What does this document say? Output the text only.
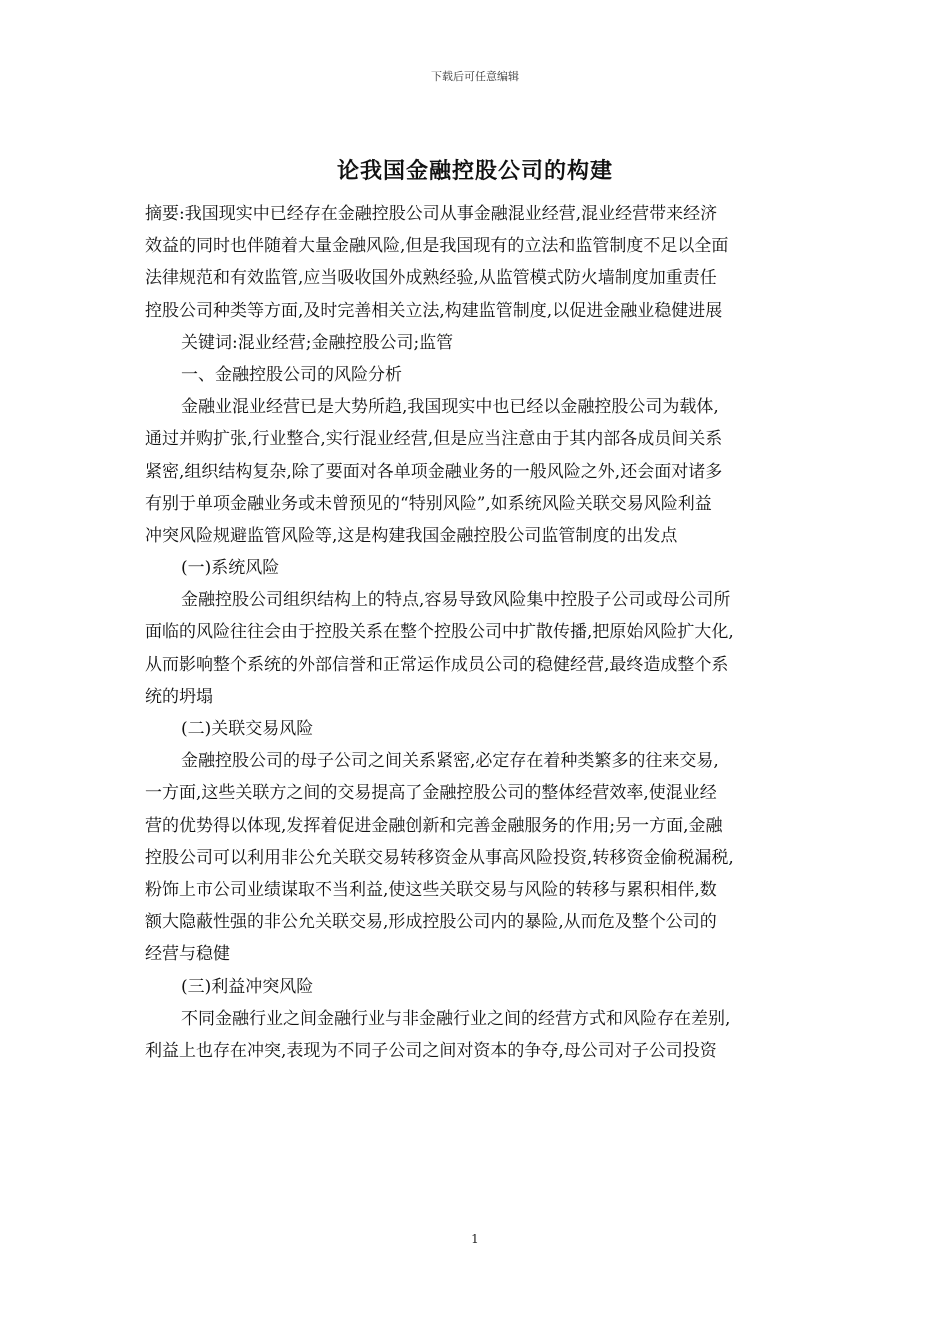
下载后可任意编辑
论我国金融控股公司的构建

摘要:我国现实中已经存在金融控股公司从事金融混业经营,混业经营带来经济
效益的同时也伴随着大量金融风险,但是我国现有的立法和监管制度不足以全面
法律规范和有效监管,应当吸收国外成熟经验,从监管模式防火墙制度加重责任
控股公司种类等方面,及时完善相关立法,构建监管制度,以促进金融业稳健进展

关键词:混业经营;金融控股公司;监管

一、金融控股公司的风险分析

金融业混业经营已是大势所趋,我国现实中也已经以金融控股公司为载体,
通过并购扩张,行业整合,实行混业经营,但是应当注意由于其内部各成员间关系
紧密,组织结构复杂,除了要面对各单项金融业务的一般风险之外,还会面对诸多
有别于单项金融业务或未曾预见的“特别风险”,如系统风险关联交易风险利益
冲突风险规避监管风险等,这是构建我国金融控股公司监管制度的出发点

(一)系统风险

金融控股公司组织结构上的特点,容易导致风险集中控股子公司或母公司所
面临的风险往往会由于控股关系在整个控股公司中扩散传播,把原始风险扩大化,
从而影响整个系统的外部信誉和正常运作成员公司的稳健经营,最终造成整个系
统的坍塌

(二)关联交易风险

金融控股公司的母子公司之间关系紧密,必定存在着种类繁多的往来交易,
一方面,这些关联方之间的交易提高了金融控股公司的整体经营效率,使混业经
营的优势得以体现,发挥着促进金融创新和完善金融服务的作用;另一方面,金融
控股公司可以利用非公允关联交易转移资金从事高风险投资,转移资金偷税漏税,
粉饰上市公司业绩谋取不当利益,使这些关联交易与风险的转移与累积相伴,数
额大隐蔽性强的非公允关联交易,形成控股公司内的暴险,从而危及整个公司的
经营与稳健

(三)利益冲突风险

不同金融行业之间金融行业与非金融行业之间的经营方式和风险存在差别,
利益上也存在冲突,表现为不同子公司之间对资本的争夺,母公司对子公司投资

1
